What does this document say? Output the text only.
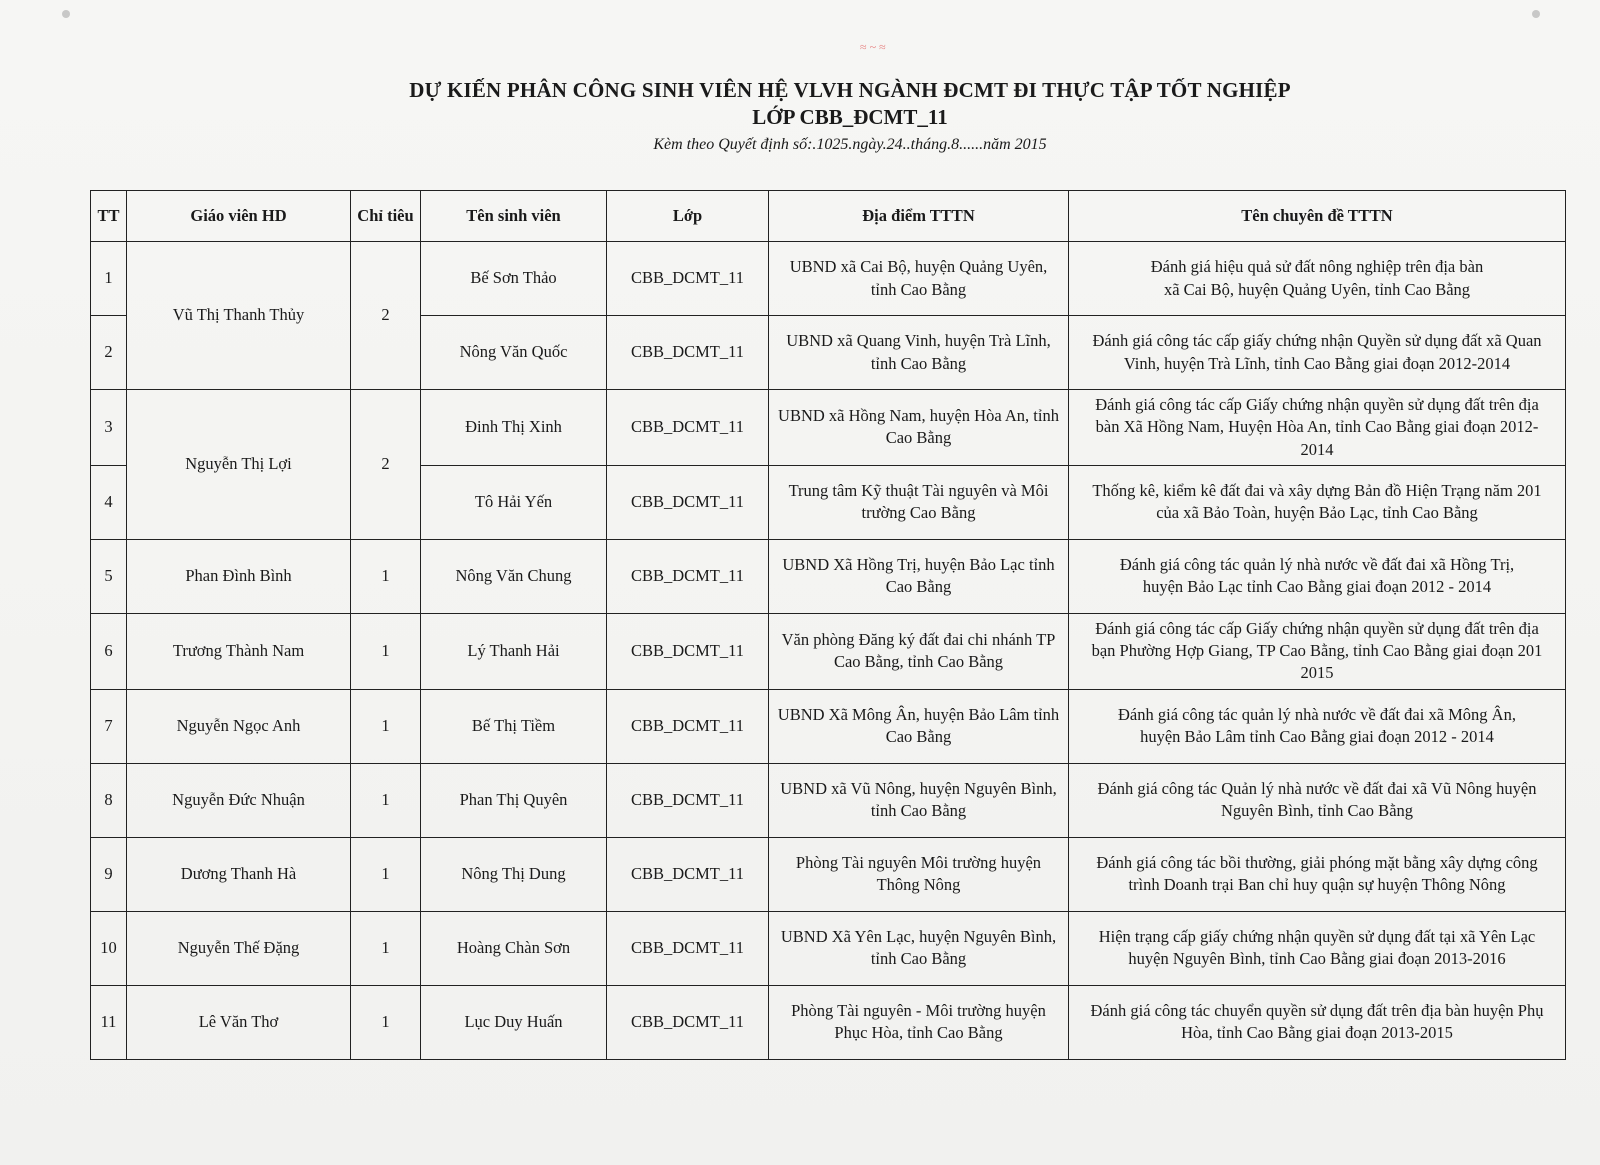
≈ ~ ≈
DỰ KIẾN PHÂN CÔNG SINH VIÊN HỆ VLVH NGÀNH ĐCMT ĐI THỰC TẬP TỐT NGHIỆP
LỚP CBB_ĐCMT_11
Kèm theo Quyết định số:.1025.ngày.24..tháng.8......năm 2015
TT	Giáo viên HD	Chỉ tiêu	Tên sinh viên	Lớp	Địa điểm TTTN	Tên chuyên đề TTTN
1	Vũ Thị Thanh Thủy	2	Bế Sơn Thảo	CBB_DCMT_11	UBND xã Cai Bộ, huyện Quảng Uyên, tỉnh Cao Bằng	Đánh giá hiệu quả sử đất nông nghiệp trên địa bàn
xã Cai Bộ, huyện Quảng Uyên, tỉnh Cao Bằng

2			Nông Văn Quốc	CBB_DCMT_11	UBND xã Quang Vinh, huyện Trà Lĩnh, tỉnh Cao Bằng	Đánh giá công tác cấp giấy chứng nhận Quyền sử dụng đất xã Quan
Vinh, huyện Trà Lĩnh, tỉnh Cao Bằng giai đoạn 2012-2014

3	Nguyễn Thị Lợi	2	Đinh Thị Xinh	CBB_DCMT_11	UBND xã Hồng Nam, huyện Hòa An, tỉnh Cao Bằng	Đánh giá công tác cấp Giấy chứng nhận quyền sử dụng đất trên địa
bàn Xã Hồng Nam, Huyện Hòa An, tỉnh Cao Bằng giai đoạn 2012-
2014

4			Tô Hải Yến	CBB_DCMT_11	Trung tâm Kỹ thuật Tài nguyên và Môi trường Cao Bằng	Thống kê, kiểm kê đất đai và xây dựng Bản đồ Hiện Trạng năm 201
của xã Bảo Toàn, huyện Bảo Lạc, tỉnh Cao Bằng

5	Phan Đình Bình	1	Nông Văn Chung	CBB_DCMT_11	UBND Xã Hồng Trị, huyện Bảo Lạc tỉnh Cao Bằng	Đánh giá công tác quản lý nhà nước về đất đai xã Hồng Trị,
huyện Bảo Lạc tỉnh Cao Bằng giai đoạn 2012 - 2014

6	Trương Thành Nam	1	Lý Thanh Hải	CBB_DCMT_11	Văn phòng Đăng ký đất đai chi nhánh TP Cao Bằng, tỉnh Cao Bằng	Đánh giá công tác cấp Giấy chứng nhận quyền sử dụng đất trên địa
bạn Phường Hợp Giang, TP Cao Bằng, tỉnh Cao Bằng giai đoạn 201
2015

7	Nguyễn Ngọc Anh	1	Bế Thị Tiềm	CBB_DCMT_11	UBND Xã Mông Ân, huyện Bảo Lâm tỉnh Cao Bằng	Đánh giá công tác quản lý nhà nước về đất đai xã Mông Ân,
huyện Bảo Lâm tỉnh Cao Bằng giai đoạn 2012 - 2014

8	Nguyễn Đức Nhuận	1	Phan Thị Quyên	CBB_DCMT_11	UBND xã Vũ Nông, huyện Nguyên Bình, tỉnh Cao Bằng	Đánh giá công tác Quản lý nhà nước về đất đai xã Vũ Nông huyện
Nguyên Bình, tỉnh Cao Bằng

9	Dương Thanh Hà	1	Nông Thị Dung	CBB_DCMT_11	Phòng Tài nguyên Môi trường huyện Thông Nông	Đánh giá công tác bồi thường, giải phóng mặt bằng xây dựng công
trình Doanh trại Ban chỉ huy quận sự huyện Thông Nông

10	Nguyễn Thế Đặng	1	Hoàng Chàn Sơn	CBB_DCMT_11	UBND Xã Yên Lạc, huyện Nguyên Bình, tỉnh Cao Bằng	Hiện trạng cấp giấy chứng nhận quyền sử dụng đất tại xã Yên Lạc
huyện Nguyên Bình, tỉnh Cao Bằng giai đoạn 2013-2016

11	Lê Văn Thơ	1	Lục Duy Huấn	CBB_DCMT_11	Phòng Tài nguyên - Môi trường huyện Phục Hòa, tỉnh Cao Bằng	Đánh giá công tác chuyển quyền sử dụng đất trên địa bàn huyện Phụ
Hòa, tỉnh Cao Bằng giai đoạn 2013-2015
